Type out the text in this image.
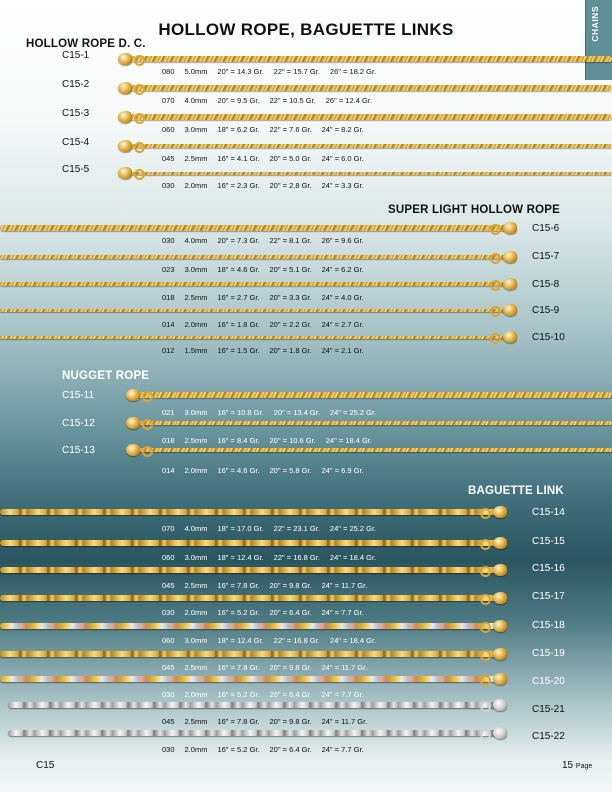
HOLLOW ROPE, BAGUETTE LINKS	CHAINS
HOLLOW ROPE D. C.
SUPER LIGHT HOLLOW ROPE
NUGGET ROPE
BAGUETTE LINK
C15-1
080 5.0mm 20" = 14.3 Gr. 22" = 15.7 Gr. 26" = 18.2 Gr.
C15-2
070 4.0mm 20" = 9.5 Gr. 22" = 10.5 Gr. 26" = 12.4 Gr.
C15-3
060 3.0mm 18" = 6.2 Gr. 22" = 7.6 Gr. 24" = 8.2 Gr.
C15-4
045 2.5mm 16" = 4.1 Gr. 20" = 5.0 Gr. 24" = 6.0 Gr.
C15-5
030 2.0mm 16" = 2.3 Gr. 20" = 2.8 Gr. 24" = 3.3 Gr.
C15-6
030 4.0mm 20" = 7.3 Gr. 22" = 8.1 Gr. 26" = 9.6 Gr.
C15-7
023 3.0mm 18" = 4.6 Gr. 20" = 5.1 Gr. 24" = 6.2 Gr.
C15-8
018 2.5mm 16" = 2.7 Gr. 20" = 3.3 Gr. 24" = 4.0 Gr.
C15-9
014 2.0mm 16" = 1.8 Gr. 20" = 2.2 Gr. 24" = 2.7 Gr.
C15-10
012 1.5mm 16" = 1.5 Gr. 20" = 1.8 Gr. 24" = 2.1 Gr.
C15-11
021 3.0mm 16" = 10.8 Gr. 20" = 13.4 Gr. 24" = 25.2 Gr.
C15-12
018 2.5mm 16" = 8.4 Gr. 20" = 10.6 Gr. 24" = 18.4 Gr.
C15-13
014 2.0mm 16" = 4.6 Gr. 20" = 5.8 Gr. 24" = 6.9 Gr.
C15-14
070 4.0mm 18" = 17.0 Gr. 22" = 23.1 Gr. 24" = 25.2 Gr.
C15-15
060 3.0mm 18" = 12.4 Gr. 22" = 16.8 Gr. 24" = 18.4 Gr.
C15-16
045 2.5mm 16" = 7.8 Gr. 20" = 9.8 Gr. 24" = 11.7 Gr.
C15-17
030 2.0mm 16" = 5.2 Gr. 20" = 6.4 Gr. 24" = 7.7 Gr.
C15-18
060 3.0mm 18" = 12.4 Gr. 22" = 16.8 Gr. 24" = 18.4 Gr.
C15-19
045 2.5mm 16" = 7.8 Gr. 20" = 9.8 Gr. 24" = 11.7 Gr.
C15-20
030 2.0mm 16" = 5.2 Gr. 20" = 6.4 Gr. 24" = 7.7 Gr.
C15-21
045 2.5mm 16" = 7.8 Gr. 20" = 9.8 Gr. 24" = 11.7 Gr.
C15-22
030 2.0mm 16" = 5.2 Gr. 20" = 6.4 Gr. 24" = 7.7 Gr.
C15	15 Page
